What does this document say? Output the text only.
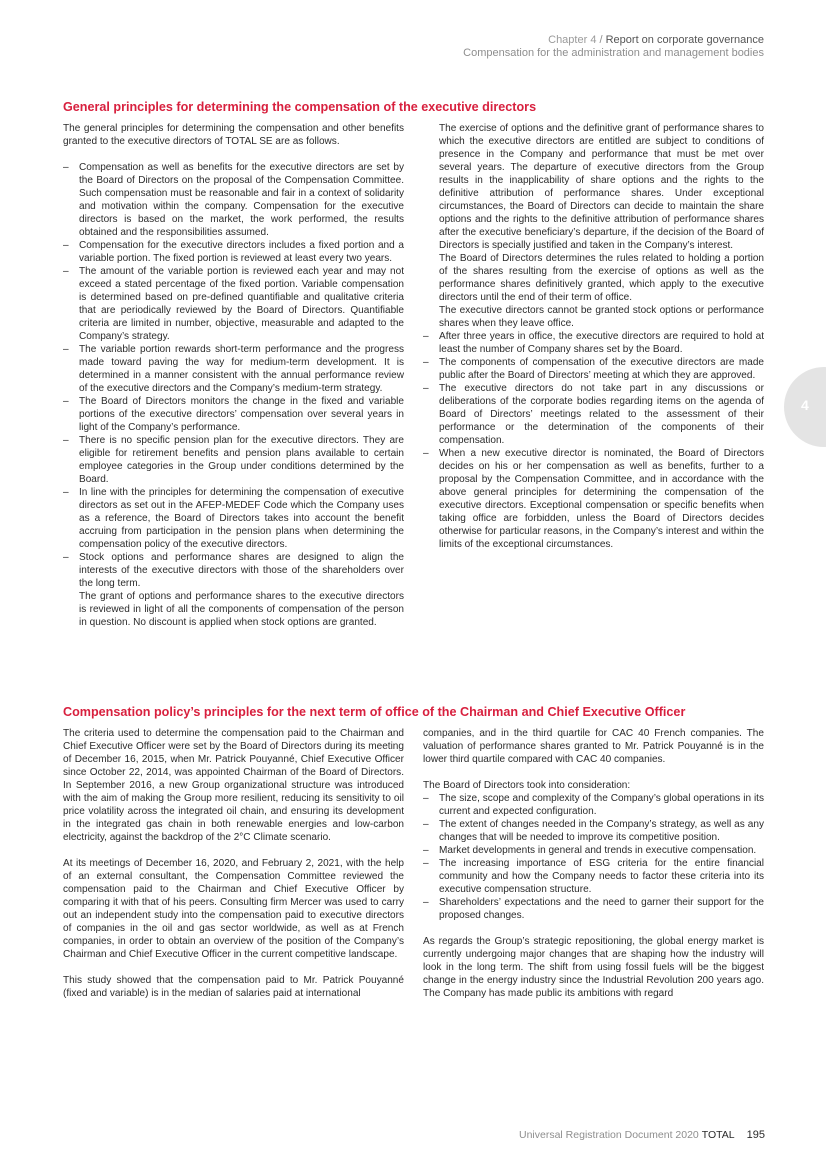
Chapter 4 / Report on corporate governance
Compensation for the administration and management bodies
4
General principles for determining the compensation of the executive directors

The general principles for determining the compensation and other benefits granted to the executive directors of TOTAL SE are as follows.

– Compensation as well as benefits for the executive directors are set by the Board of Directors on the proposal of the Compensation Committee. Such compensation must be reasonable and fair in a context of solidarity and motivation within the company. Compensation for the executive directors is based on the market, the work performed, the results obtained and the responsibilities assumed.
– Compensation for the executive directors includes a fixed portion and a variable portion. The fixed portion is reviewed at least every two years.
– The amount of the variable portion is reviewed each year and may not exceed a stated percentage of the fixed portion. Variable compensation is determined based on pre-defined quantifiable and qualitative criteria that are periodically reviewed by the Board of Directors. Quantifiable criteria are limited in number, objective, measurable and adapted to the Company’s strategy.
– The variable portion rewards short-term performance and the progress made toward paving the way for medium-term development. It is determined in a manner consistent with the annual performance review of the executive directors and the Company’s medium-term strategy.
– The Board of Directors monitors the change in the fixed and variable portions of the executive directors’ compensation over several years in light of the Company’s performance.
– There is no specific pension plan for the executive directors. They are eligible for retirement benefits and pension plans available to certain employee categories in the Group under conditions determined by the Board.
– In line with the principles for determining the compensation of executive directors as set out in the AFEP-MEDEF Code which the Company uses as a reference, the Board of Directors takes into account the benefit accruing from participation in the pension plans when determining the compensation policy of the executive directors.
– Stock options and performance shares are designed to align the interests of the executive directors with those of the shareholders over the long term.

The grant of options and performance shares to the executive directors is reviewed in light of all the components of compensation of the person in question. No discount is applied when stock options are granted.

The exercise of options and the definitive grant of performance shares to which the executive directors are entitled are subject to conditions of presence in the Company and performance that must be met over several years. The departure of executive directors from the Group results in the inapplicability of share options and the rights to the definitive attribution of performance shares. Under exceptional circumstances, the Board of Directors can decide to maintain the share options and the rights to the definitive attribution of performance shares after the executive beneficiary’s departure, if the decision of the Board of Directors is specially justified and taken in the Company’s interest.

The Board of Directors determines the rules related to holding a portion of the shares resulting from the exercise of options as well as the performance shares definitively granted, which apply to the executive directors until the end of their term of office.

The executive directors cannot be granted stock options or performance shares when they leave office.

– After three years in office, the executive directors are required to hold at least the number of Company shares set by the Board.
– The components of compensation of the executive directors are made public after the Board of Directors’ meeting at which they are approved.
– The executive directors do not take part in any discussions or deliberations of the corporate bodies regarding items on the agenda of Board of Directors’ meetings related to the assessment of their performance or the determination of the components of their compensation.
– When a new executive director is nominated, the Board of Directors decides on his or her compensation as well as benefits, further to a proposal by the Compensation Committee, and in accordance with the above general principles for determining the compensation of the executive directors. Exceptional compensation or specific benefits when taking office are forbidden, unless the Board of Directors decides otherwise for particular reasons, in the Company’s interest and within the limits of the exceptional circumstances.
Compensation policy’s principles for the next term of office of the Chairman and Chief Executive Officer

The criteria used to determine the compensation paid to the Chairman and Chief Executive Officer were set by the Board of Directors during its meeting of December 16, 2015, when Mr. Patrick Pouyanné, Chief Executive Officer since October 22, 2014, was appointed Chairman of the Board of Directors. In September 2016, a new Group organizational structure was introduced with the aim of making the Group more resilient, reducing its sensitivity to oil price volatility across the integrated oil chain, and ensuring its development in the integrated gas chain in both renewable energies and low-carbon electricity, against the backdrop of the 2°C Climate scenario.

At its meetings of December 16, 2020, and February 2, 2021, with the help of an external consultant, the Compensation Committee reviewed the compensation paid to the Chairman and Chief Executive Officer by comparing it with that of his peers. Consulting firm Mercer was used to carry out an independent study into the compensation paid to executive directors of companies in the oil and gas sector worldwide, as well as at French companies, in order to obtain an overview of the position of the Company’s Chairman and Chief Executive Officer in the current competitive landscape.

This study showed that the compensation paid to Mr. Patrick Pouyanné (fixed and variable) is in the median of salaries paid at international

companies, and in the third quartile for CAC 40 French companies. The valuation of performance shares granted to Mr. Patrick Pouyanné is in the lower third quartile compared with CAC 40 companies.

The Board of Directors took into consideration:

– The size, scope and complexity of the Company’s global operations in its current and expected configuration.
– The extent of changes needed in the Company’s strategy, as well as any changes that will be needed to improve its competitive position.
– Market developments in general and trends in executive compensation.
– The increasing importance of ESG criteria for the entire financial community and how the Company needs to factor these criteria into its executive compensation structure.
– Shareholders’ expectations and the need to garner their support for the proposed changes.

As regards the Group’s strategic repositioning, the global energy market is currently undergoing major changes that are shaping how the industry will look in the long term. The shift from using fossil fuels will be the biggest change in the energy industry since the Industrial Revolution 200 years ago. The Company has made public its ambitions with regard

Universal Registration Document 2020 TOTAL 195
